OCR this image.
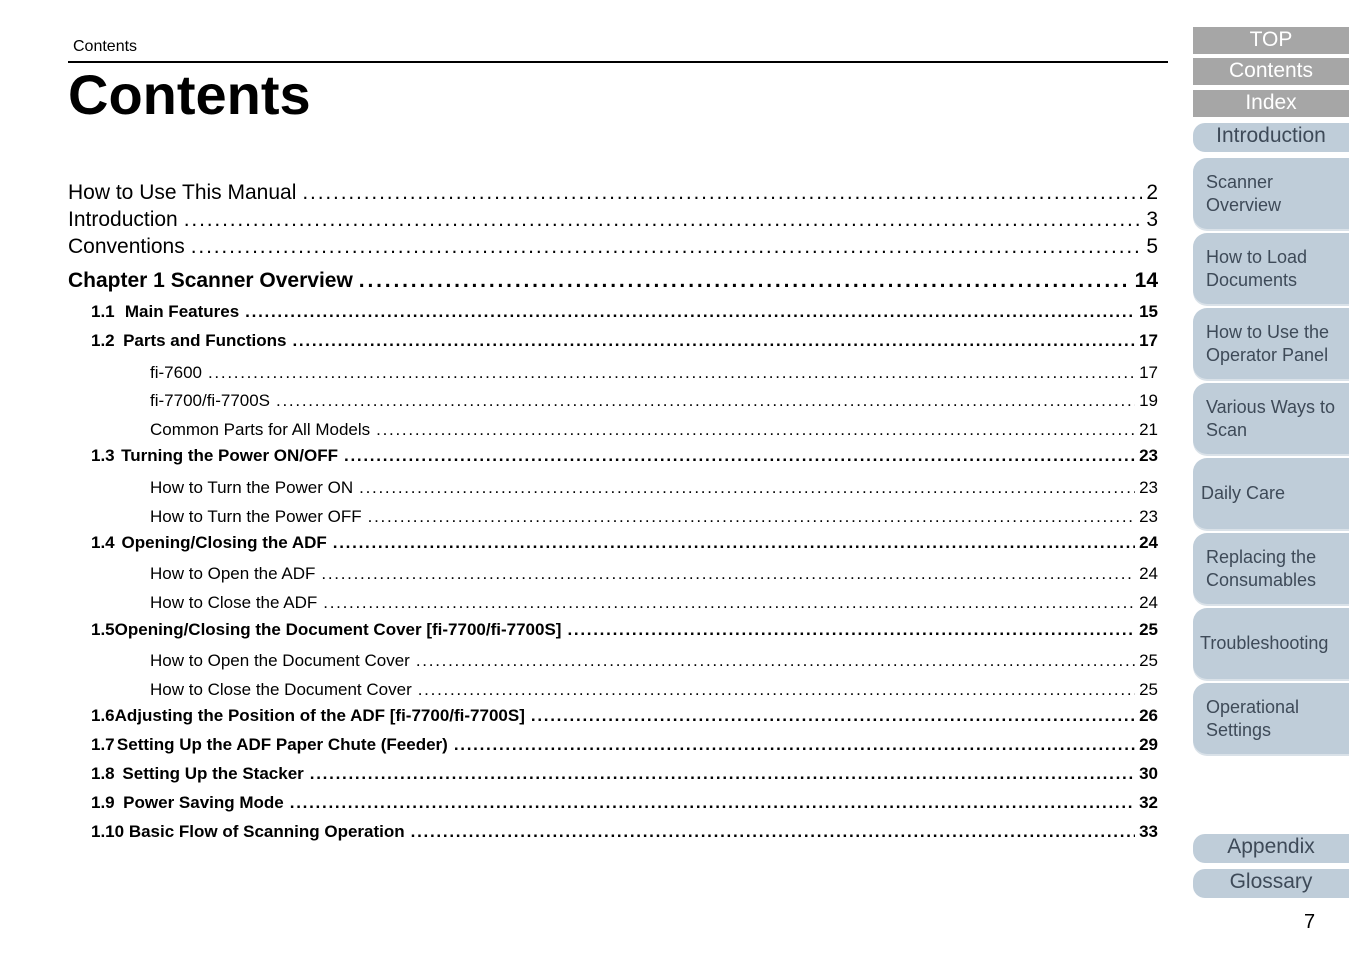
Contents
Contents
How to Use This Manual . . .	2
Introduction . . .	3
Conventions . . .	5
Chapter 1 Scanner Overview . . .	14
1.1 Main Features . . .	15
1.2 Parts and Functions . . .	17
fi-7600 . . .	17
fi-7700/fi-7700S . . .	19
Common Parts for All Models . . .	21
1.3 Turning the Power ON/OFF . . .	23
How to Turn the Power ON . . .	23
How to Turn the Power OFF . . .	23
1.4 Opening/Closing the ADF . . .	24
How to Open the ADF . . .	24
How to Close the ADF . . .	24
1.5 Opening/Closing the Document Cover [fi-7700/fi-7700S] . . .	25
How to Open the Document Cover . . .	25
How to Close the Document Cover . . .	25
1.6 Adjusting the Position of the ADF [fi-7700/fi-7700S] . . .	26
1.7 Setting Up the ADF Paper Chute (Feeder) . . .	29
1.8 Setting Up the Stacker . . .	30
1.9 Power Saving Mode . . .	32
1.10 Basic Flow of Scanning Operation . . .	33
TOP
Contents
Index
Introduction
Scanner Overview
How to Load Documents
How to Use the Operator Panel
Various Ways to Scan
Daily Care
Replacing the Consumables
Troubleshooting
Operational Settings
Appendix
Glossary
7
